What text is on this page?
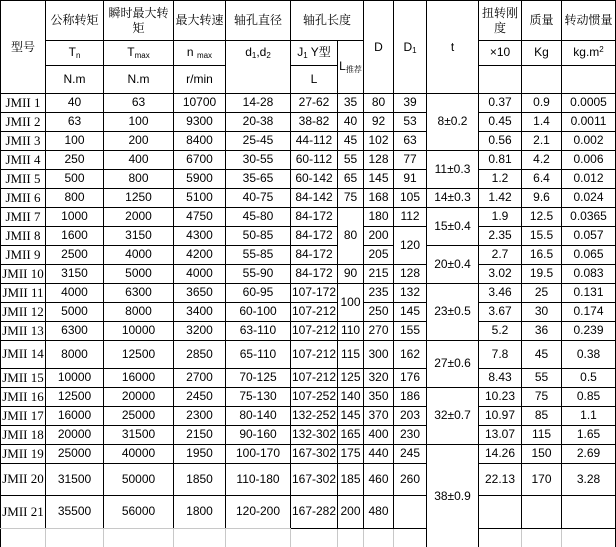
型号	公称转矩	瞬时最大转矩	最大转速	轴孔直径	轴孔长度		D	$D_1$	t	扭转刚度	质量	转动惯量
	$T_n$	$T_{max}$	n $_{max}$	$d_1,d_2$	$J_1$ Y型	$L_{推荐}$				×10	Kg	$kg.m^2$
	N.m	N.m	r/min		L							
JMII 1	40	63	10700	14-28	27-62	35	80	39	8±0.2	0.37	0.9	0.0005
JMII 2	63	100	9300	20-38	38-82	40	92	53		0.45	1.4	0.0011
JMII 3	100	200	8400	25-45	44-112	45	102	63		0.56	2.1	0.002
JMII 4	250	400	6700	30-55	60-112	55	128	77	11±0.3	0.81	4.2	0.006
JMII 5	500	800	5900	35-65	60-142	65	145	91		1.2	6.4	0.012
JMII 6	800	1250	5100	40-75	84-142	75	168	105	14±0.3	1.42	9.6	0.024
JMII 7	1000	2000	4750	45-80	84-172	80	180	112	15±0.4	1.9	12.5	0.0365
JMII 8	1600	3150	4300	50-85	84-172		200	120		2.35	15.5	0.057
JMII 9	2500	4000	4200	55-85	84-172		205		20±0.4	2.7	16.5	0.065
JMII 10	3150	5000	4000	55-90	84-172	90	215	128		3.02	19.5	0.083
JMII 11	4000	6300	3650	60-95	107-172	100	235	132	23±0.5	3.46	25	0.131
JMII 12	5000	8000	3400	60-100	107-212		250	145		3.67	30	0.174
JMII 13	6300	10000	3200	63-110	107-212	110	270	155		5.2	36	0.239
JMII 14	8000	12500	2850	65-110	107-212	115	300	162	27±0.6	7.8	45	0.38
JMII 15	10000	16000	2700	70-125	107-212	125	320	176		8.43	55	0.5
JMII 16	12500	20000	2450	75-130	107-252	140	350	186	32±0.7	10.23	75	0.85
JMII 17	16000	25000	2300	80-140	132-252	145	370	203		10.97	85	1.1
JMII 18	20000	31500	2150	90-160	132-302	165	400	230		13.07	115	1.65
JMII 19	25000	40000	1950	100-170	167-302	175	440	245	38±0.9	14.26	150	2.69
JMII 20	31500	50000	1850	110-180	167-302	185	460	260		22.13	170	3.28
JMII 21	35500	56000	1800	120-200	167-282	200	480					
